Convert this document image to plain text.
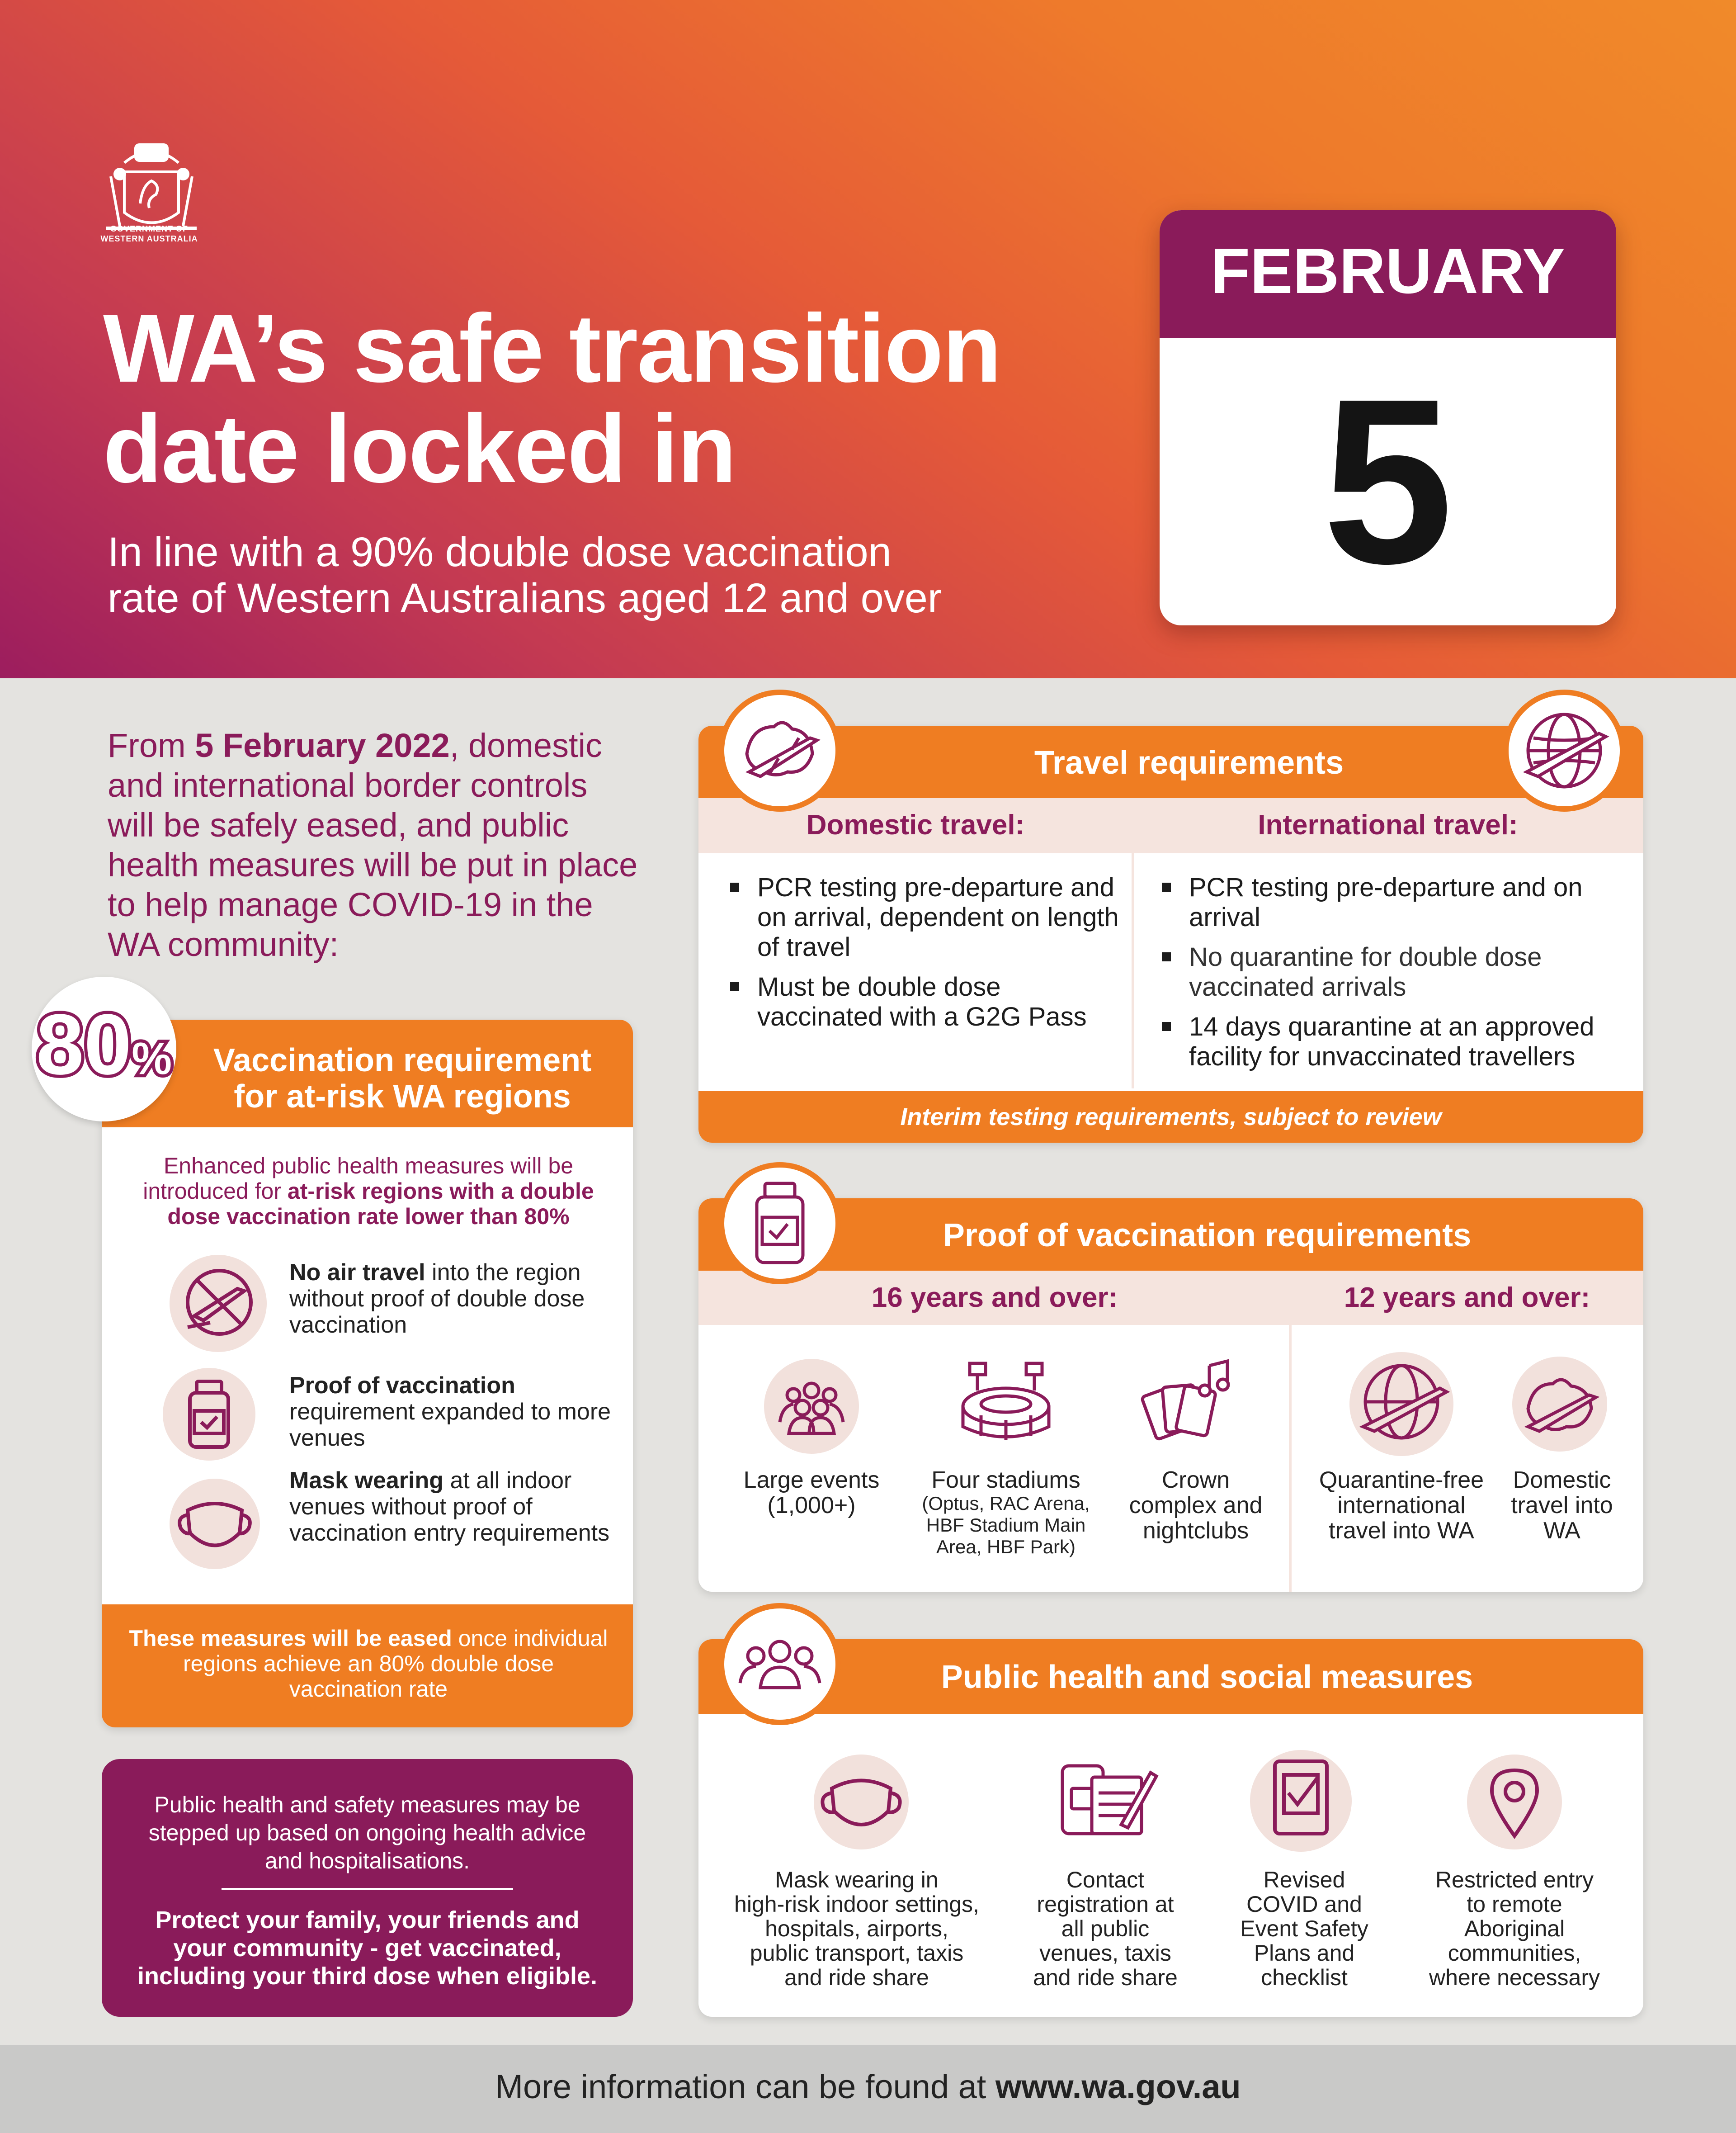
GOVERNMENT OF
WESTERN AUSTRALIA
WA’s safe transition
date locked in
In line with a 90% double dose vaccination
rate of Western Australians aged 12 and over
FEBRUARY
5
From 5 February 2022, domestic and international border controls will be safely eased, and public health measures will be put in place to help manage COVID-19 in the WA community:
Vaccination requirement
for at-risk WA regions
Enhanced public health measures will be introduced for at-risk regions with a double dose vaccination rate lower than 80%
No air travel into the region without proof of double dose vaccination
Proof of vaccination requirement expanded to more venues
Mask wearing at all indoor venues without proof of vaccination entry requirements
These measures will be eased once individual regions achieve an 80% double dose vaccination rate
80%
Public health and safety measures may be stepped up based on ongoing health advice and hospitalisations.
Protect your family, your friends and your community - get vaccinated, including your third dose when eligible.
Travel requirements
Domestic travel:	International travel:
PCR testing pre-departure and on arrival, dependent on length of travel
Must be double dose vaccinated with a G2G Pass
PCR testing pre-departure and on arrival
No quarantine for double dose vaccinated arrivals
14 days quarantine at an approved facility for unvaccinated travellers
Interim testing requirements, subject to review
Proof of vaccination requirements
16 years and over:	12 years and over:
Large events
(1,000+)
Four stadiums
(Optus, RAC Arena,
HBF Stadium Main
Area, HBF Park)
Crown
complex and
nightclubs
Quarantine-free
international
travel into WA
Domestic
travel into
WA
Public health and social measures
Mask wearing in
high-risk indoor settings,
hospitals, airports,
public transport, taxis
and ride share
Contact
registration at
all public
venues, taxis
and ride share
Revised
COVID and
Event Safety
Plans and
checklist
Restricted entry
to remote
Aboriginal
communities,
where necessary
More information can be found at www.wa.gov.au
